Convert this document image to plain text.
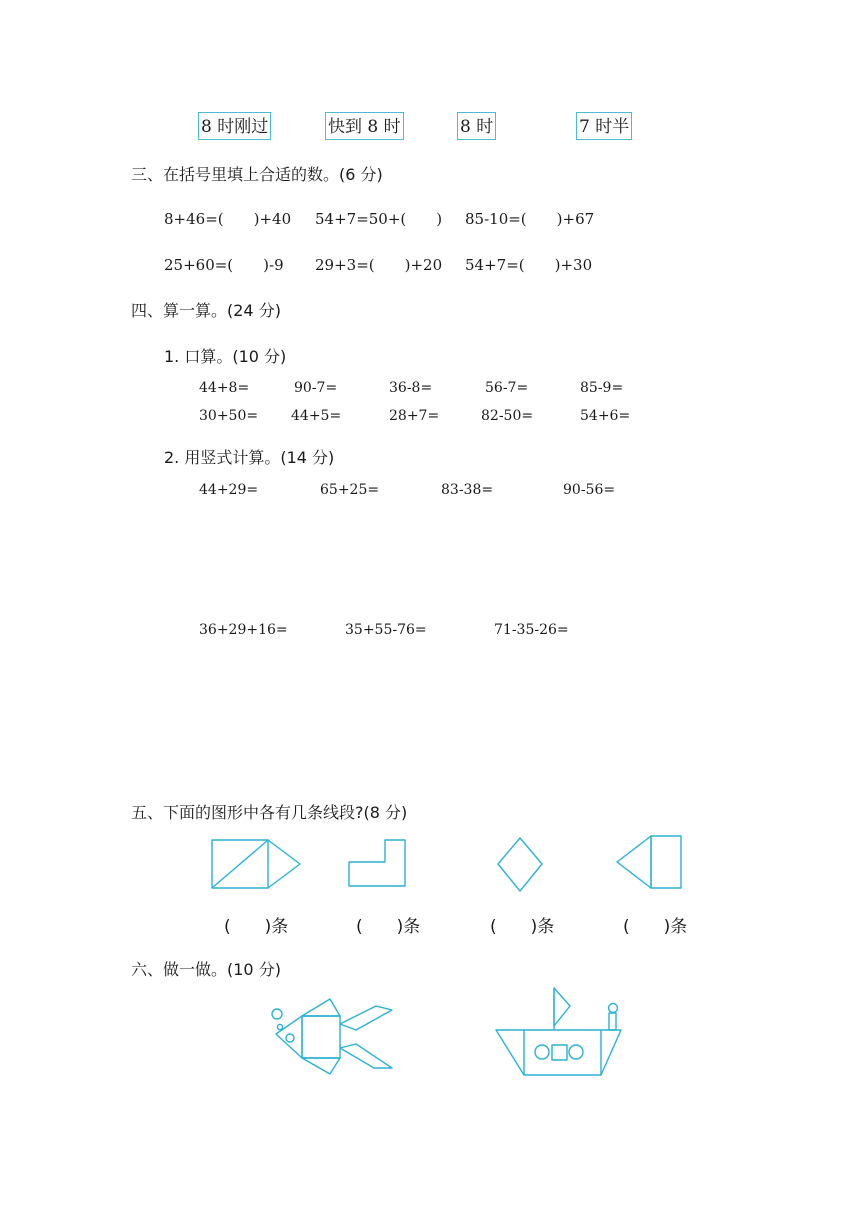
8 时刚过	快到 8 时	8 时	7 时半
三、在括号里填上合适的数。(6 分)
8+46=(　　)+40 54+7=50+(　　) 85-10=(　　)+67
25+60=(　　)-9 29+3=(　　)+20 54+7=(　　)+30
四、算一算。(24 分)
1. 口算。(10 分)
44+8=	90-7=	36-8=	56-7=	85-9=
30+50= 44+5=	28+7=	82-50=	54+6=
2. 用竖式计算。(14 分)
44+29=	65+25=	83-38=	90-56=
36+29+16=	35+55-76=	71-35-26=
五、下面的图形中各有几条线段?(8 分)
(　　)条	(　　)条	(　　)条	(　　)条
六、做一做。(10 分)
